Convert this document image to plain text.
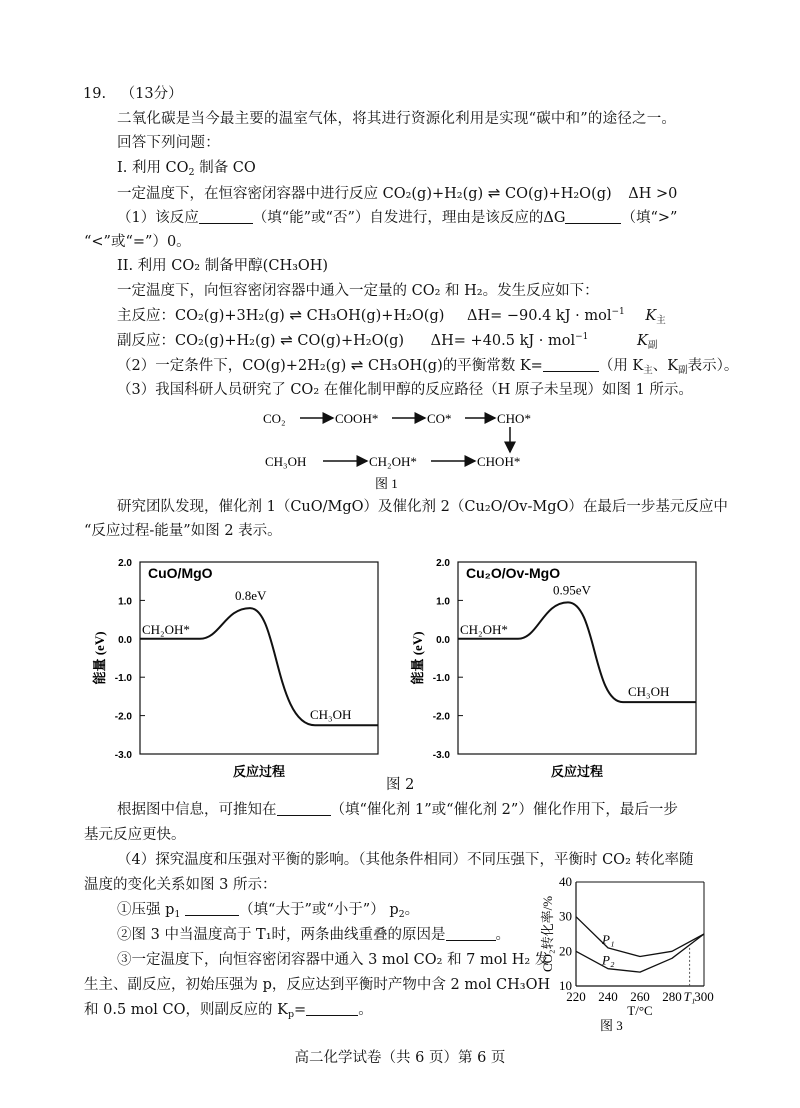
19. （13分）
二氧化碳是当今最主要的温室气体，将其进行资源化利用是实现“碳中和”的途径之一。
回答下列问题：
I. 利用 $CO_2$ 制备 CO
一定温度下，在恒容密闭容器中进行反应 CO₂(g)+H₂(g) ⇌ CO(g)+H₂O(g) ΔH >0
（1）该反应	（填“能”或“否”）自发进行，理由是该反应的ΔG	（填“>”
“<”或“=”）0。
II. 利用 CO₂ 制备甲醇(CH₃OH)
一定温度下，向恒容密闭容器中通入一定量的 CO₂ 和 H₂。发生反应如下：
主反应：CO₂(g)+3H₂(g) ⇌ CH₃OH(g)+H₂O(g) ΔH= −90.4 kJ · mol$^{-1}$ $K_主$
副反应：CO₂(g)+H₂(g) ⇌ CO(g)+H₂O(g) ΔH= +40.5 kJ · mol$^{-1}$	$K_副$
（2）一定条件下，CO(g)+2H₂(g) ⇌ CH₃OH(g)的平衡常数 K=	（用 $K_主$、$K_副$表示）。
（3）我国科研人员研究了 CO₂ 在催化制甲醇的反应路径（H 原子未呈现）如图 1 所示。
CO₂	COOH*	CO*	CHO*
CH₃OH	CH₂OH*	CHOH*
图 1
研究团队发现，催化剂 1（CuO/MgO）及催化剂 2（Cu₂O/Ov-MgO）在最后一步基元反应中
“反应过程-能量”如图 2 表示。
2.0
1.0
0.0
-1.0
-2.0
-3.0
CuO/MgO
CH₂OH*
0.8eV
CH₃OH
反应过程
能量 (eV)
2.0
1.0
0.0
-1.0
-2.0
-3.0
Cu₂O/Ov-MgO
CH₂OH*
0.95eV
CH₃OH
反应过程
能量 (eV)
图 2
根据图中信息，可推知在	（填“催化剂 1”或“催化剂 2”）催化作用下，最后一步
基元反应更快。
（4）探究温度和压强对平衡的影响。（其他条件相同）不同压强下，平衡时 CO₂ 转化率随
温度的变化关系如图 3 所示：
①压强 $p_1$	（填“大于”或“小于”） $p_2$。
②图 3 中当温度高于 T₁时，两条曲线重叠的原因是	。
③一定温度下，向恒容密闭容器中通入 3 mol CO₂ 和 7 mol H₂ 发
生主、副反应，初始压强为 p，反应达到平衡时产物中含 2 mol CH₃OH
和 0.5 mol CO，则副反应的 $K_p=$	。
40
30
20
10
220 240 260 280 300
P₁
P₂
T₁
T/°C
CO₂转化率/%
图 3
高二化学试卷（共 6 页）第 6 页
